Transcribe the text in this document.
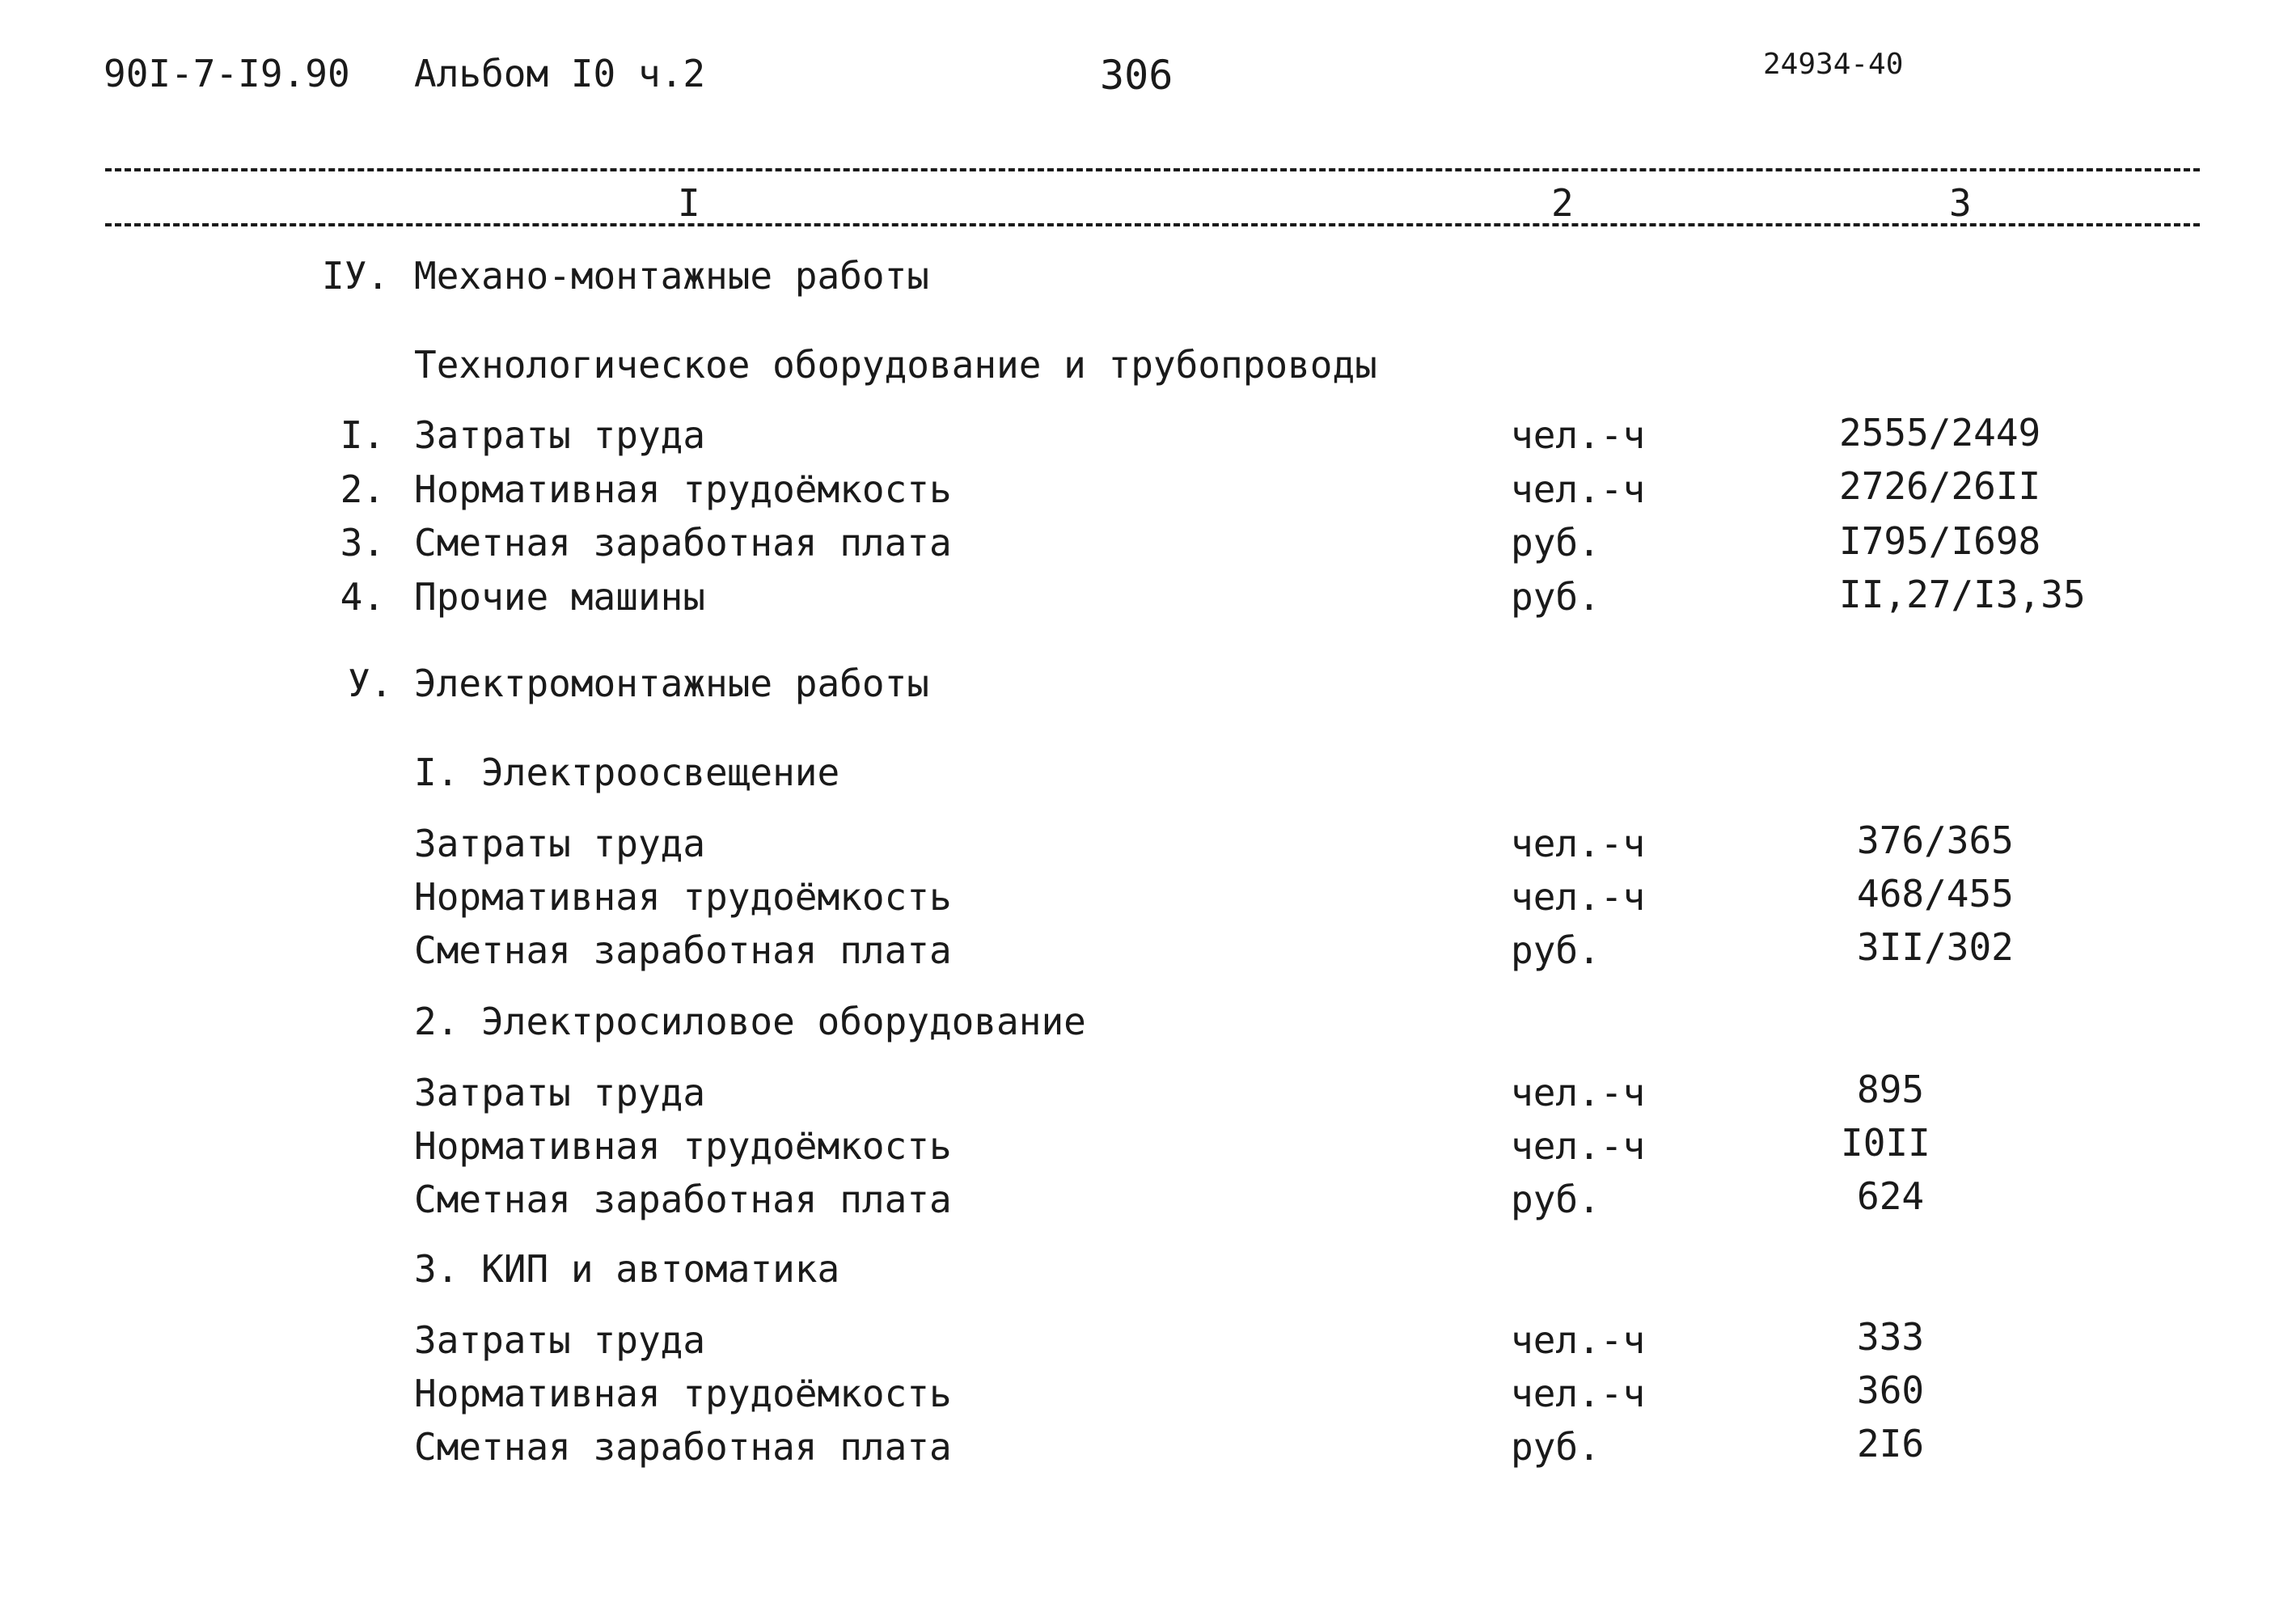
90I-7-I9.90 Альбом I0 ч.2	306	24934-40
I	2	3
IУ. Механо-монтажные работы
Технологическое оборудование и трубопроводы
I. Затраты труда	чел.-ч	2555/2449
2. Нормативная трудоёмкость	чел.-ч	2726/26II
3. Сметная заработная плата	руб.	I795/I698
4. Прочие машины	руб.	II,27/I3,35
У. Электромонтажные работы
I. Электроосвещение
Затраты труда	чел.-ч	376/365
Нормативная трудоёмкость	чел.-ч	468/455
Сметная заработная плата	руб.	3II/302
2. Электросиловое оборудование
Затраты труда	чел.-ч	895
Нормативная трудоёмкость	чел.-ч	I0II
Сметная заработная плата	руб.	624
3. КИП и автоматика
Затраты труда	чел.-ч	333
Нормативная трудоёмкость	чел.-ч	360
Сметная заработная плата	руб.	2I6
